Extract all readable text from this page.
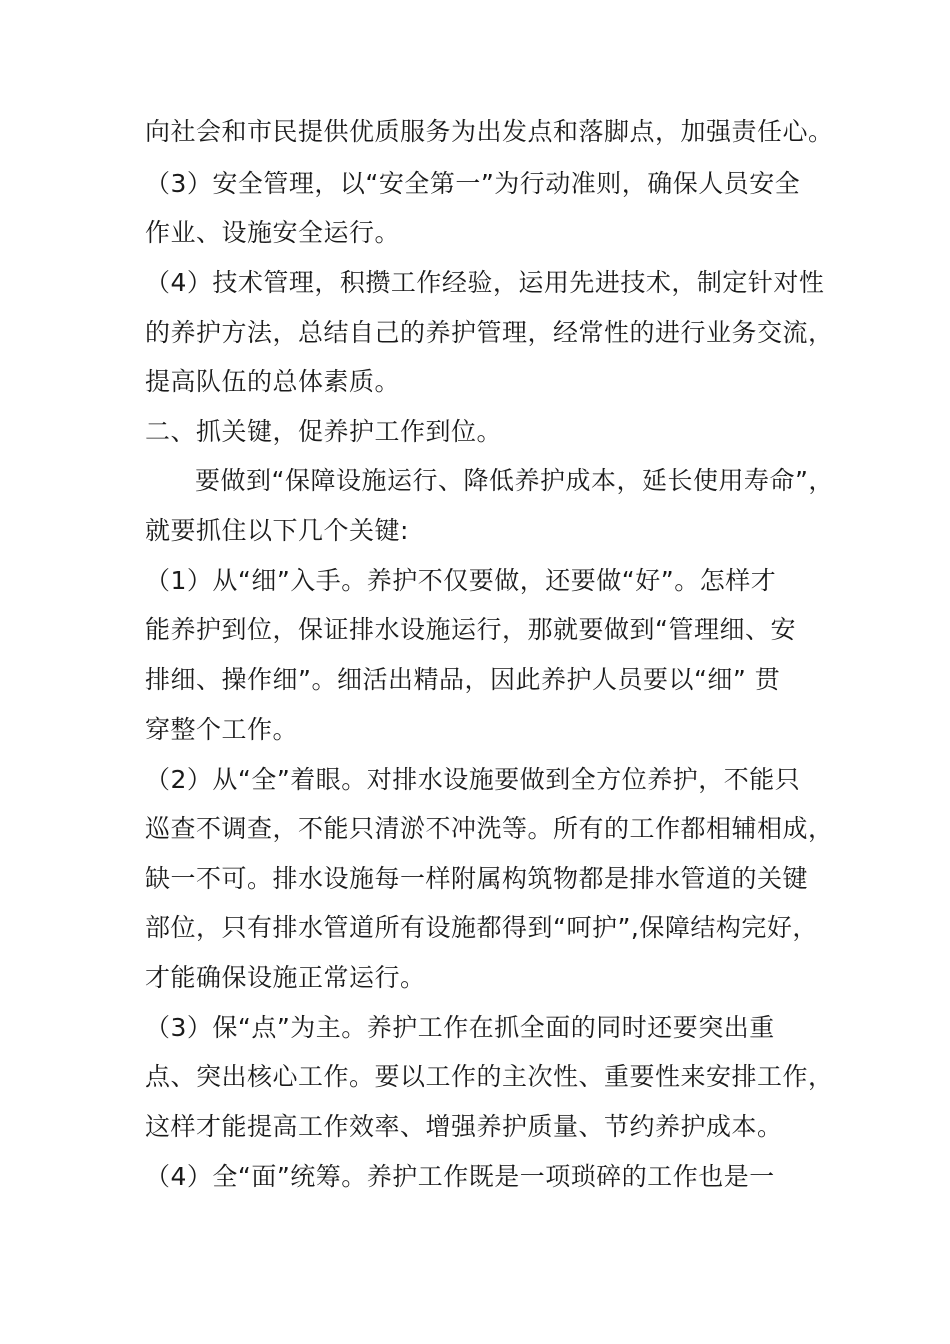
向社会和市民提供优质服务为出发点和落脚点，加强责任心。
（3）安全管理，以“安全第一”为行动准则，确保人员安全
作业、设施安全运行。
（4）技术管理，积攒工作经验，运用先进技术，制定针对性
的养护方法，总结自己的养护管理，经常性的进行业务交流，
提高队伍的总体素质。
二、抓关键，促养护工作到位。
要做到“保障设施运行、降低养护成本，延长使用寿命”，
就要抓住以下几个关键:
（1）从“细”入手。养护不仅要做，还要做“好”。怎样才
能养护到位，保证排水设施运行，那就要做到“管理细、安
排细、操作细”。细活出精品，因此养护人员要以“细” 贯
穿整个工作。
（2）从“全”着眼。对排水设施要做到全方位养护，不能只
巡查不调查，不能只清淤不冲洗等。所有的工作都相辅相成，
缺一不可。排水设施每一样附属构筑物都是排水管道的关键
部位，只有排水管道所有设施都得到“呵护”,保障结构完好，
才能确保设施正常运行。
（3）保“点”为主。养护工作在抓全面的同时还要突出重
点、突出核心工作。要以工作的主次性、重要性来安排工作，
这样才能提高工作效率、增强养护质量、节约养护成本。
（4）全“面”统筹。养护工作既是一项琐碎的工作也是一
